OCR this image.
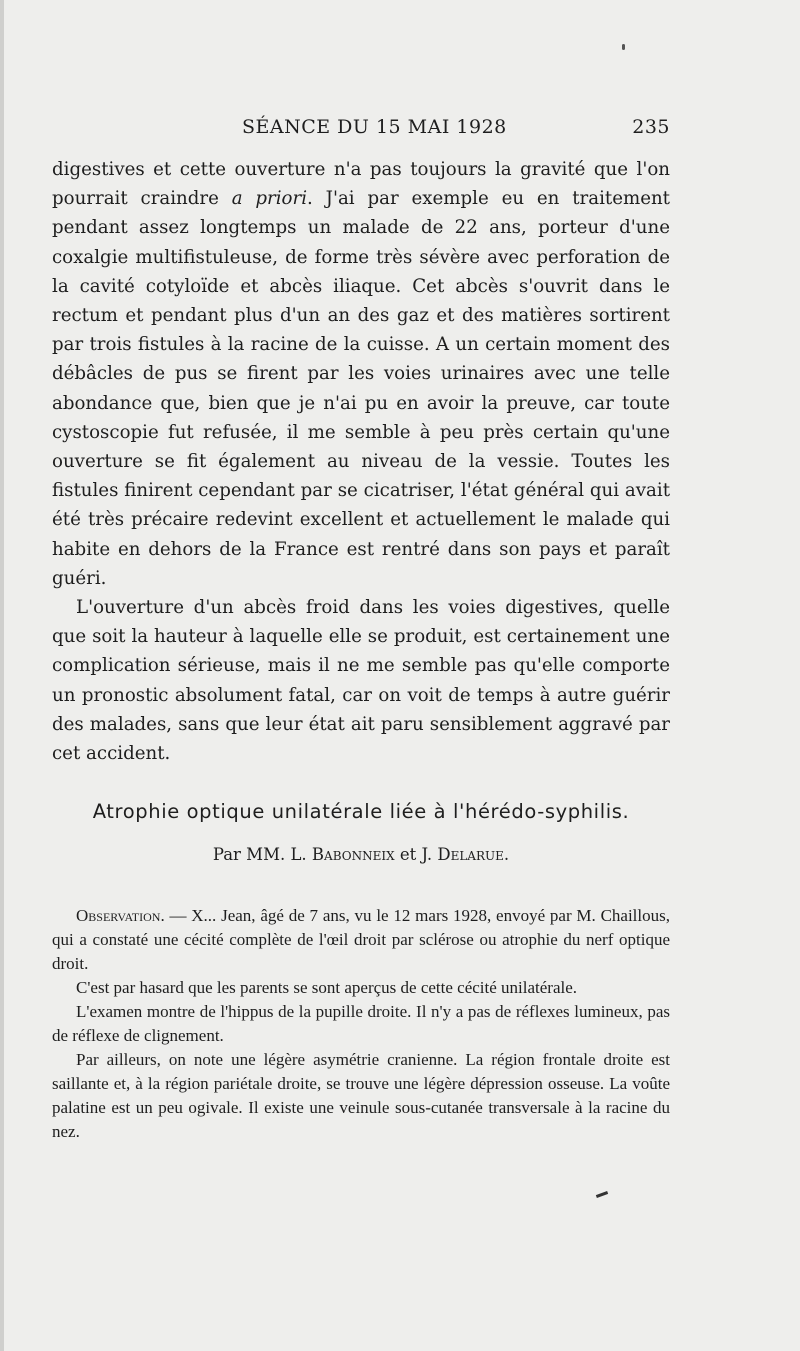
SÉANCE DU 15 MAI 1928	235

digestives et cette ouverture n'a pas toujours la gravité que l'on pourrait craindre a priori. J'ai par exemple eu en traitement pendant assez longtemps un malade de 22 ans, porteur d'une coxalgie multifistuleuse, de forme très sévère avec perforation de la cavité cotyloïde et abcès iliaque. Cet abcès s'ouvrit dans le rectum et pendant plus d'un an des gaz et des matières sortirent par trois fistules à la racine de la cuisse. A un certain moment des débâcles de pus se firent par les voies urinaires avec une telle abondance que, bien que je n'ai pu en avoir la preuve, car toute cystoscopie fut refusée, il me semble à peu près certain qu'une ouverture se fit également au niveau de la vessie. Toutes les fistules finirent cependant par se cicatriser, l'état général qui avait été très précaire redevint excellent et actuellement le malade qui habite en dehors de la France est rentré dans son pays et paraît guéri.

L'ouverture d'un abcès froid dans les voies digestives, quelle que soit la hauteur à laquelle elle se produit, est certainement une complication sérieuse, mais il ne me semble pas qu'elle comporte un pronostic absolument fatal, car on voit de temps à autre guérir des malades, sans que leur état ait paru sensiblement aggravé par cet accident.

Atrophie optique unilatérale liée à l'hérédo-syphilis.
Par MM. L. Babonneix et J. Delarue.

Observation. — X... Jean, âgé de 7 ans, vu le 12 mars 1928, envoyé par M. Chaillous, qui a constaté une cécité complète de l'œil droit par sclérose ou atrophie du nerf optique droit.

C'est par hasard que les parents se sont aperçus de cette cécité unilatérale.

L'examen montre de l'hippus de la pupille droite. Il n'y a pas de réflexes lumineux, pas de réflexe de clignement.

Par ailleurs, on note une légère asymétrie cranienne. La région frontale droite est saillante et, à la région pariétale droite, se trouve une légère dépression osseuse. La voûte palatine est un peu ogivale. Il existe une veinule sous-cutanée transversale à la racine du nez.
